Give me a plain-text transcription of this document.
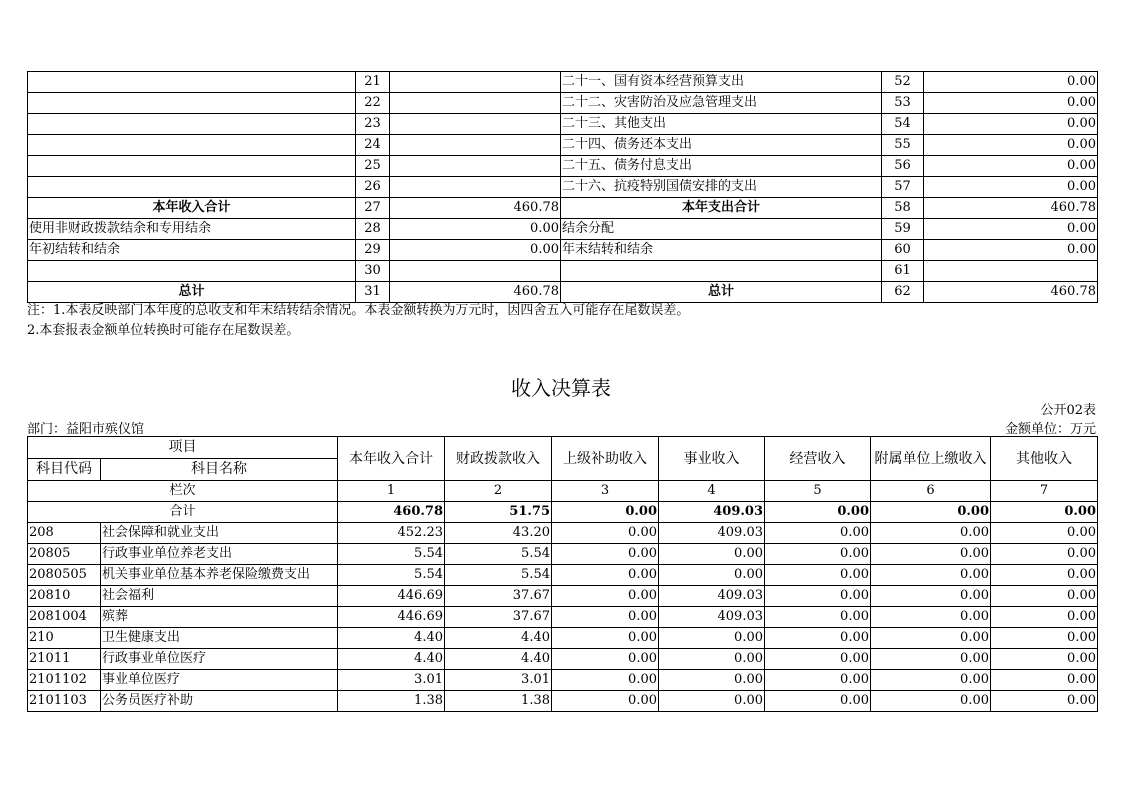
	21		二十一、国有资本经营预算支出	52	0.00
	22		二十二、灾害防治及应急管理支出	53	0.00
	23		二十三、其他支出	54	0.00
	24		二十四、债务还本支出	55	0.00
	25		二十五、债务付息支出	56	0.00
	26		二十六、抗疫特别国债安排的支出	57	0.00
本年收入合计	27	460.78	本年支出合计	58	460.78
使用非财政拨款结余和专用结余	28	0.00	结余分配	59	0.00
年初结转和结余	29	0.00	年末结转和结余	60	0.00
	30			61	
总计	31	460.78	总计	62	460.78
注：1.本表反映部门本年度的总收支和年末结转结余情况。本表金额转换为万元时，因四舍五入可能存在尾数误差。
2.本套报表金额单位转换时可能存在尾数误差。
收入决算表
公开02表
部门：益阳市殡仪馆	金额单位：万元
项目		本年收入合计	财政拨款收入	上级补助收入	事业收入	经营收入	附属单位上缴收入	其他收入
科目代码	科目名称							
栏次		1	2	3	4	5	6	7
合计		460.78	51.75	0.00	409.03	0.00	0.00	0.00
208	社会保障和就业支出	452.23	43.20	0.00	409.03	0.00	0.00	0.00
20805	行政事业单位养老支出	5.54	5.54	0.00	0.00	0.00	0.00	0.00
2080505	机关事业单位基本养老保险缴费支出	5.54	5.54	0.00	0.00	0.00	0.00	0.00
20810	社会福利	446.69	37.67	0.00	409.03	0.00	0.00	0.00
2081004	殡葬	446.69	37.67	0.00	409.03	0.00	0.00	0.00
210	卫生健康支出	4.40	4.40	0.00	0.00	0.00	0.00	0.00
21011	行政事业单位医疗	4.40	4.40	0.00	0.00	0.00	0.00	0.00
2101102	事业单位医疗	3.01	3.01	0.00	0.00	0.00	0.00	0.00
2101103	公务员医疗补助	1.38	1.38	0.00	0.00	0.00	0.00	0.00
